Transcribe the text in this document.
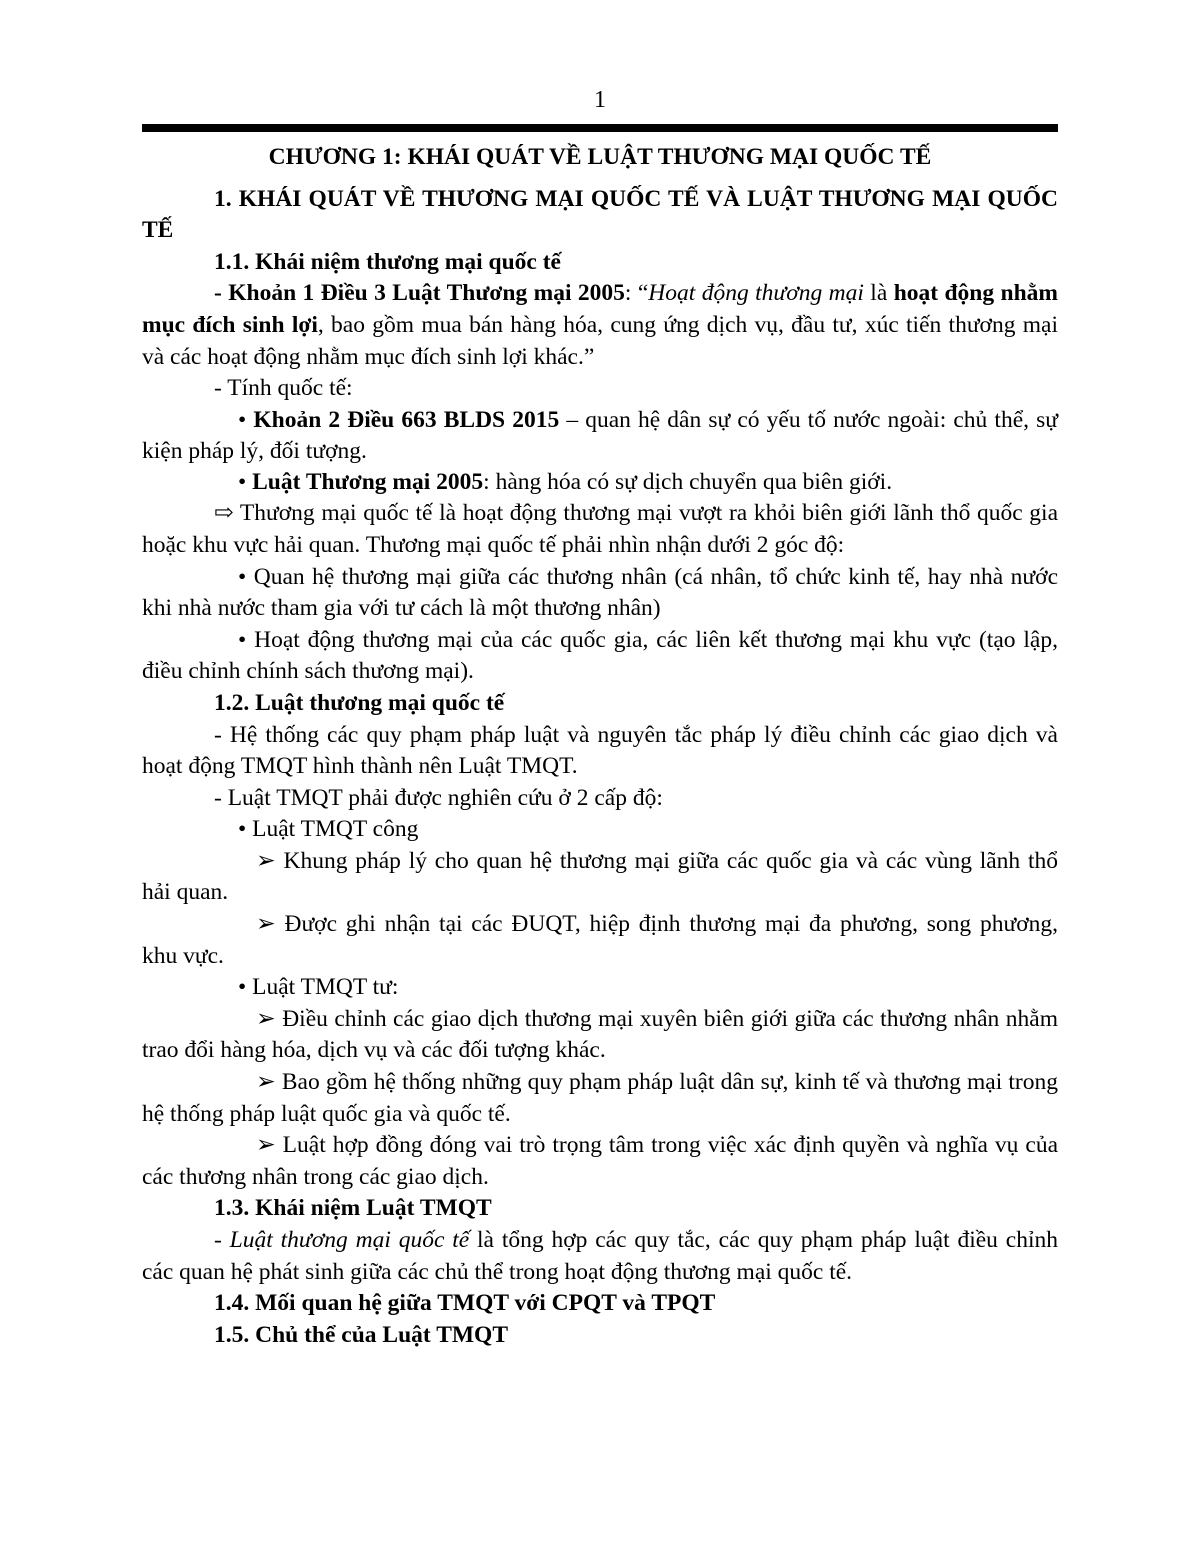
1

CHƯƠNG 1: KHÁI QUÁT VỀ LUẬT THƯƠNG MẠI QUỐC TẾ

1. KHÁI QUÁT VỀ THƯƠNG MẠI QUỐC TẾ VÀ LUẬT THƯƠNG MẠI QUỐC TẾ

1.1. Khái niệm thương mại quốc tế

- Khoản 1 Điều 3 Luật Thương mại 2005: “Hoạt động thương mại là hoạt động nhằm mục đích sinh lợi, bao gồm mua bán hàng hóa, cung ứng dịch vụ, đầu tư, xúc tiến thương mại và các hoạt động nhằm mục đích sinh lợi khác.”

- Tính quốc tế:

• Khoản 2 Điều 663 BLDS 2015 – quan hệ dân sự có yếu tố nước ngoài: chủ thể, sự kiện pháp lý, đối tượng.

• Luật Thương mại 2005: hàng hóa có sự dịch chuyển qua biên giới.

⇨ Thương mại quốc tế là hoạt động thương mại vượt ra khỏi biên giới lãnh thổ quốc gia hoặc khu vực hải quan. Thương mại quốc tế phải nhìn nhận dưới 2 góc độ:

• Quan hệ thương mại giữa các thương nhân (cá nhân, tổ chức kinh tế, hay nhà nước khi nhà nước tham gia với tư cách là một thương nhân)

• Hoạt động thương mại của các quốc gia, các liên kết thương mại khu vực (tạo lập, điều chỉnh chính sách thương mại).

1.2. Luật thương mại quốc tế

- Hệ thống các quy phạm pháp luật và nguyên tắc pháp lý điều chỉnh các giao dịch và hoạt động TMQT hình thành nên Luật TMQT.

- Luật TMQT phải được nghiên cứu ở 2 cấp độ:

• Luật TMQT công

➢ Khung pháp lý cho quan hệ thương mại giữa các quốc gia và các vùng lãnh thổ hải quan.

➢ Được ghi nhận tại các ĐUQT, hiệp định thương mại đa phương, song phương, khu vực.

• Luật TMQT tư:

➢ Điều chỉnh các giao dịch thương mại xuyên biên giới giữa các thương nhân nhằm trao đổi hàng hóa, dịch vụ và các đối tượng khác.

➢ Bao gồm hệ thống những quy phạm pháp luật dân sự, kinh tế và thương mại trong hệ thống pháp luật quốc gia và quốc tế.

➢ Luật hợp đồng đóng vai trò trọng tâm trong việc xác định quyền và nghĩa vụ của các thương nhân trong các giao dịch.

1.3. Khái niệm Luật TMQT

- Luật thương mại quốc tế là tổng hợp các quy tắc, các quy phạm pháp luật điều chỉnh các quan hệ phát sinh giữa các chủ thể trong hoạt động thương mại quốc tế.

1.4. Mối quan hệ giữa TMQT với CPQT và TPQT

1.5. Chủ thể của Luật TMQT
